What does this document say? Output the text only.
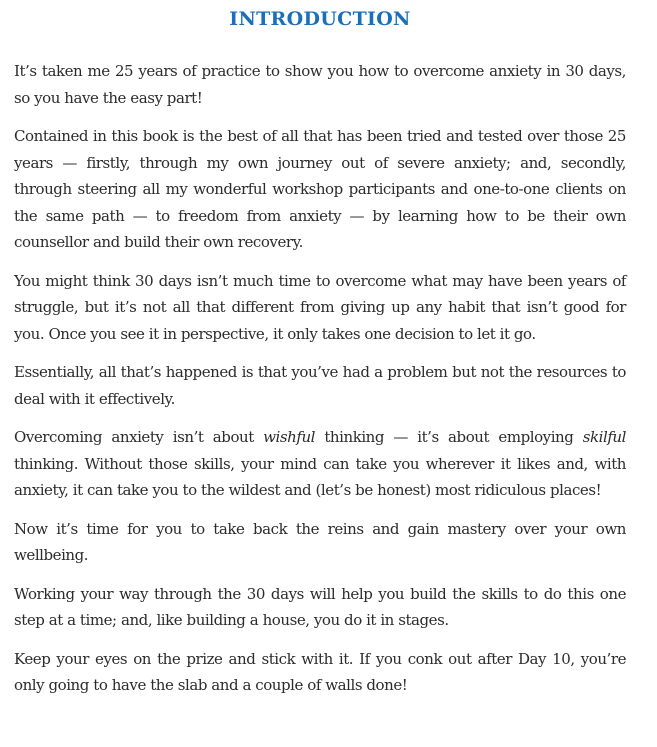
INTRODUCTION

It’s taken me 25 years of practice to show you how to overcome anxiety in 30 days, so you have the easy part!

Contained in this book is the best of all that has been tried and tested over those 25 years — firstly, through my own journey out of severe anxiety; and, secondly, through steering all my wonderful workshop participants and one-to-one clients on the same path — to freedom from anxiety — by learning how to be their own counsellor and build their own recovery.

You might think 30 days isn’t much time to overcome what may have been years of struggle, but it’s not all that different from giving up any habit that isn’t good for you. Once you see it in perspective, it only takes one decision to let it go.

Essentially, all that’s happened is that you’ve had a problem but not the resources to deal with it effectively.

Overcoming anxiety isn’t about wishful thinking — it’s about employing skilful thinking. Without those skills, your mind can take you wherever it likes and, with anxiety, it can take you to the wildest and (let’s be honest) most ridiculous places!

Now it’s time for you to take back the reins and gain mastery over your own wellbeing.

Working your way through the 30 days will help you build the skills to do this one step at a time; and, like building a house, you do it in stages.

Keep your eyes on the prize and stick with it. If you conk out after Day 10, you’re only going to have the slab and a couple of walls done!
